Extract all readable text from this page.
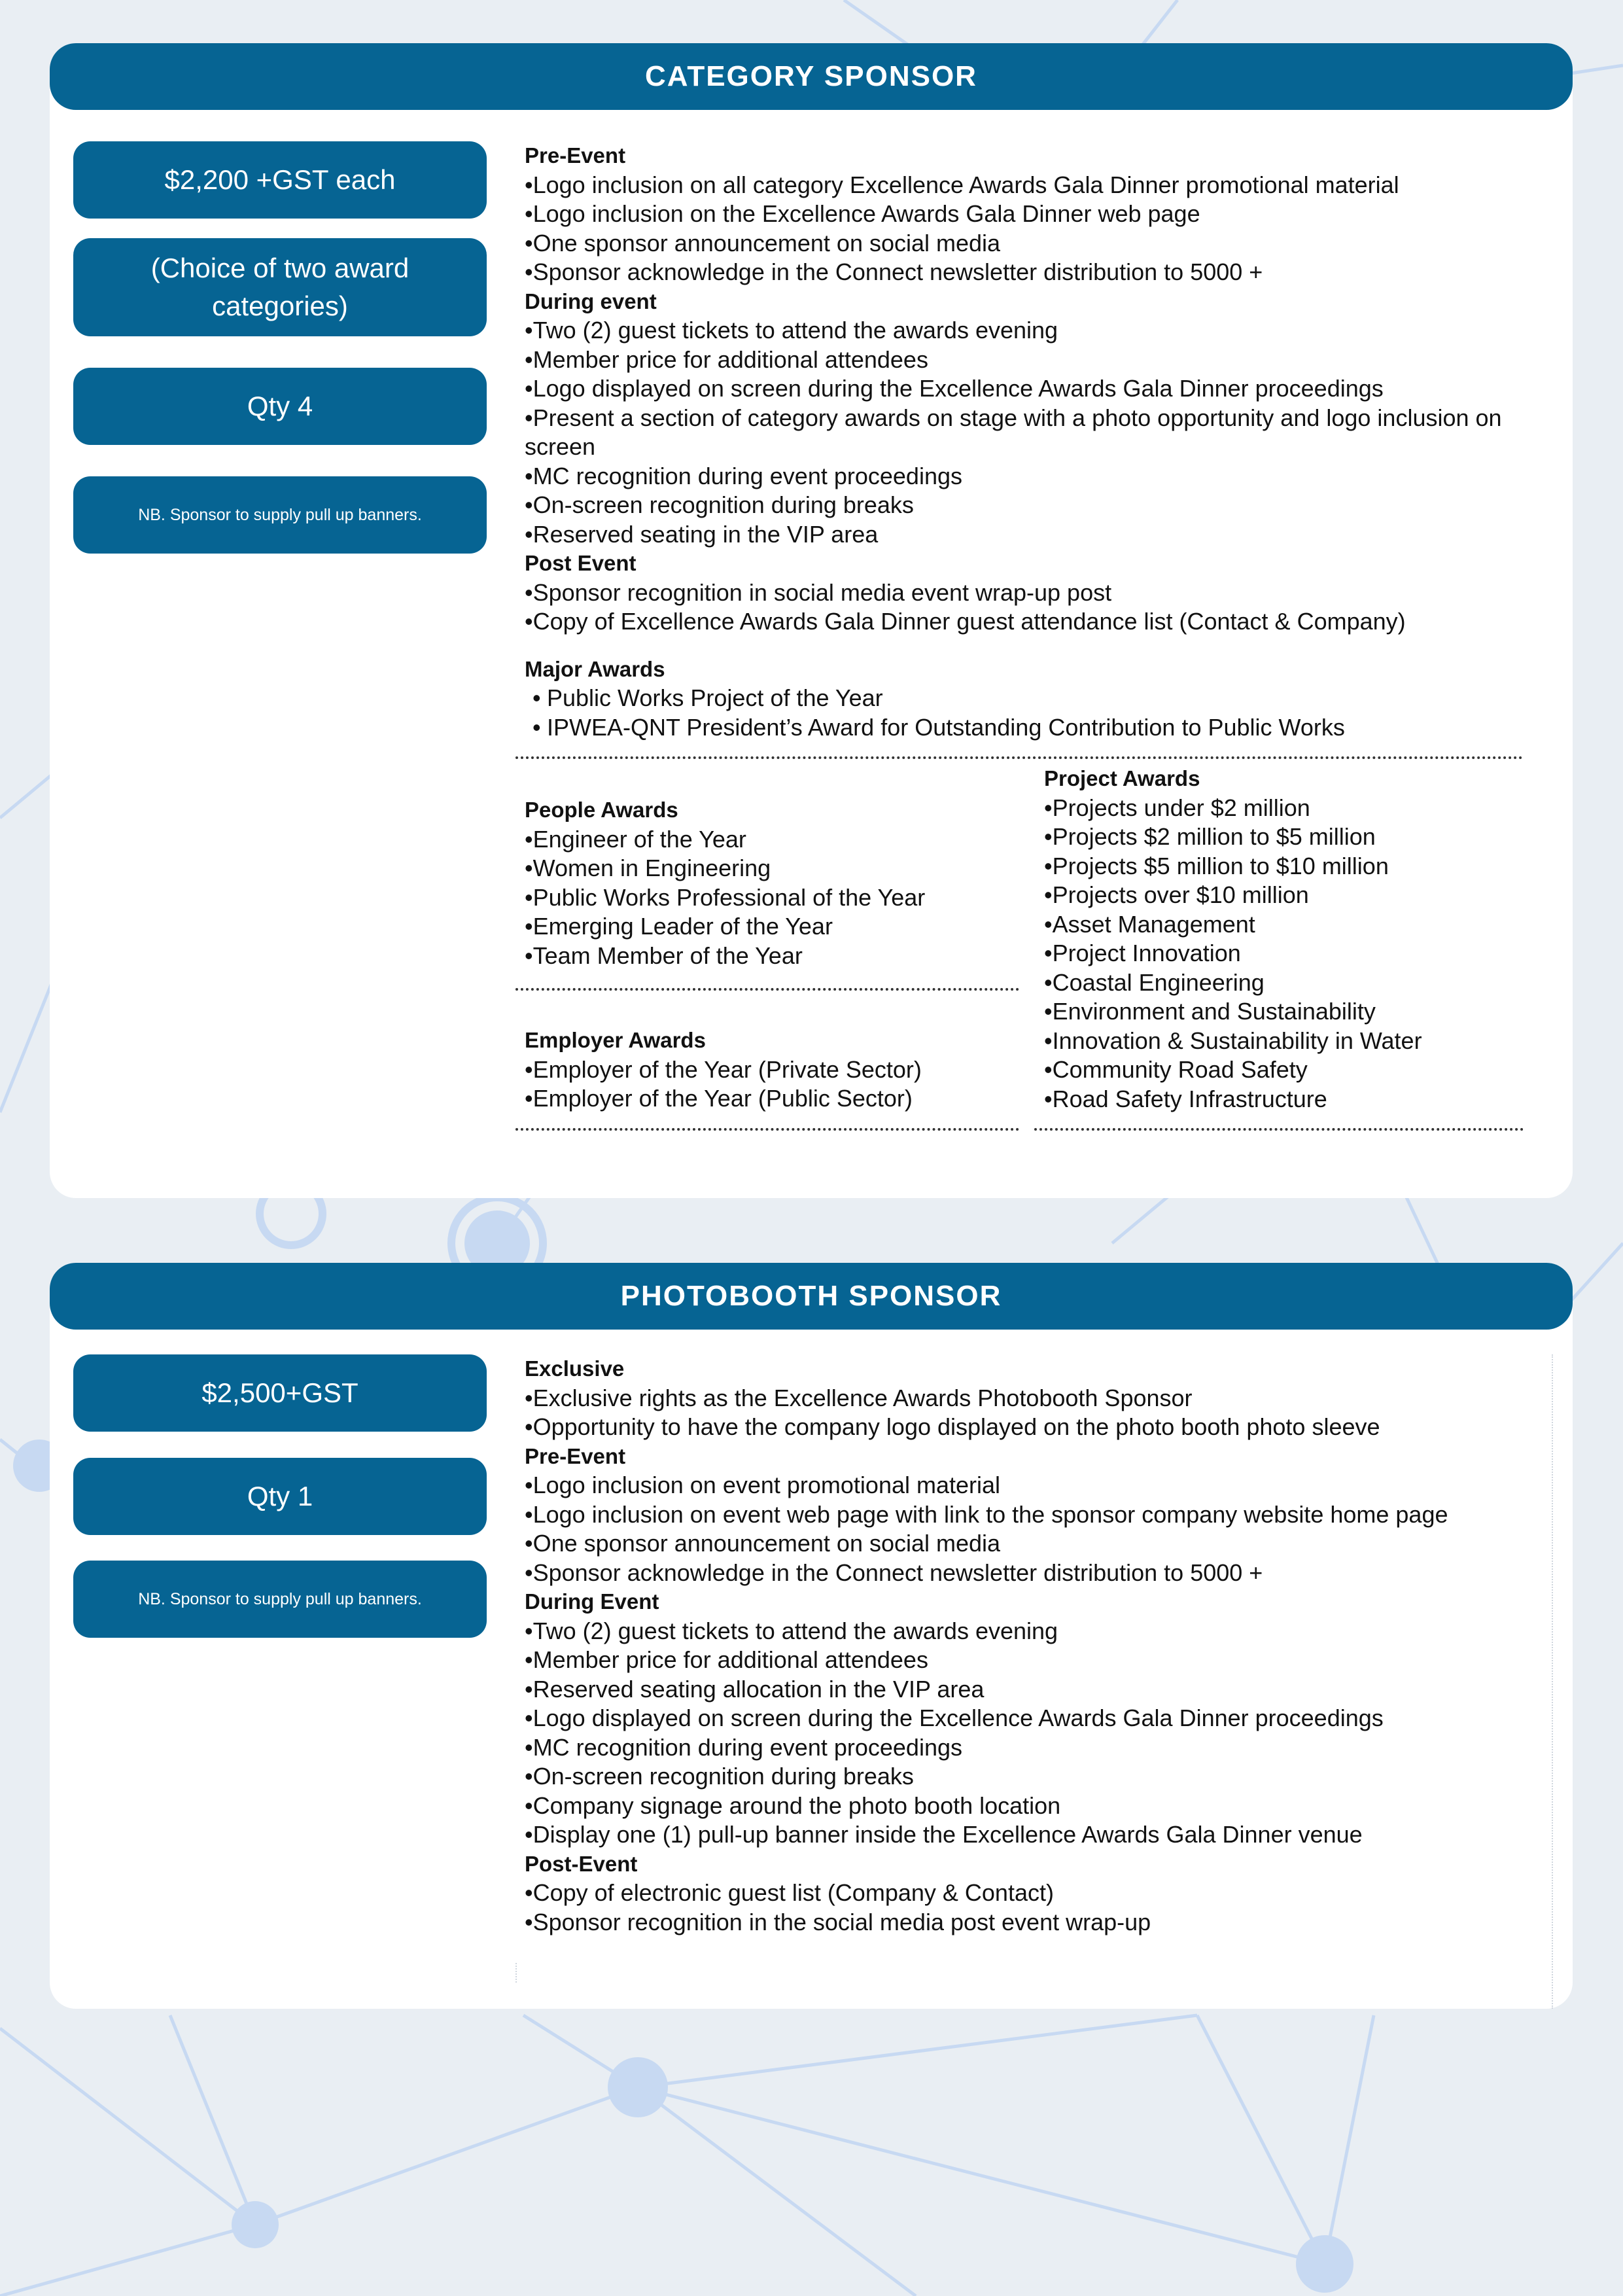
CATEGORY SPONSOR
$2,200 +GST each
(Choice of two award categories)
Qty 4
NB. Sponsor to supply pull up banners.
Pre-Event
• Logo inclusion on all category Excellence Awards Gala Dinner promotional material
• Logo inclusion on the Excellence Awards Gala Dinner web page
• One sponsor announcement on social media
• Sponsor acknowledge in the Connect newsletter distribution to 5000 +
During event
• Two (2) guest tickets to attend the awards evening
• Member price for additional attendees
• Logo displayed on screen during the Excellence Awards Gala Dinner proceedings
• Present a section of category awards on stage with a photo opportunity and logo inclusion on screen
• MC recognition during event proceedings
• On-screen recognition during breaks
• Reserved seating in the VIP area
Post Event
• Sponsor recognition in social media event wrap-up post
• Copy of Excellence Awards Gala Dinner guest attendance list (Contact & Company)
Major Awards
• Public Works Project of the Year
• IPWEA-QNT President’s Award for Outstanding Contribution to Public Works
People Awards
• Engineer of the Year
• Women in Engineering
• Public Works Professional of the Year
• Emerging Leader of the Year
• Team Member of the Year
Employer Awards
• Employer of the Year (Private Sector)
• Employer of the Year (Public Sector)
Project Awards
• Projects under $2 million
• Projects $2 million to $5 million
• Projects $5 million to $10 million
• Projects over $10 million
• Asset Management
• Project Innovation
• Coastal Engineering
• Environment and Sustainability
• Innovation & Sustainability in Water
• Community Road Safety
• Road Safety Infrastructure
PHOTOBOOTH SPONSOR
$2,500+GST
Qty 1
NB. Sponsor to supply pull up banners.
Exclusive
• Exclusive rights as the Excellence Awards Photobooth Sponsor
• Opportunity to have the company logo displayed on the photo booth photo sleeve
Pre-Event
• Logo inclusion on event promotional material
• Logo inclusion on event web page with link to the sponsor company website home page
• One sponsor announcement on social media
• Sponsor acknowledge in the Connect newsletter distribution to 5000 +
During Event
• Two (2) guest tickets to attend the awards evening
• Member price for additional attendees
• Reserved seating allocation in the VIP area
• Logo displayed on screen during the Excellence Awards Gala Dinner proceedings
• MC recognition during event proceedings
• On-screen recognition during breaks
• Company signage around the photo booth location
• Display one (1) pull-up banner inside the Excellence Awards Gala Dinner venue
Post-Event
• Copy of electronic guest list (Company & Contact)
• Sponsor recognition in the social media post event wrap-up
